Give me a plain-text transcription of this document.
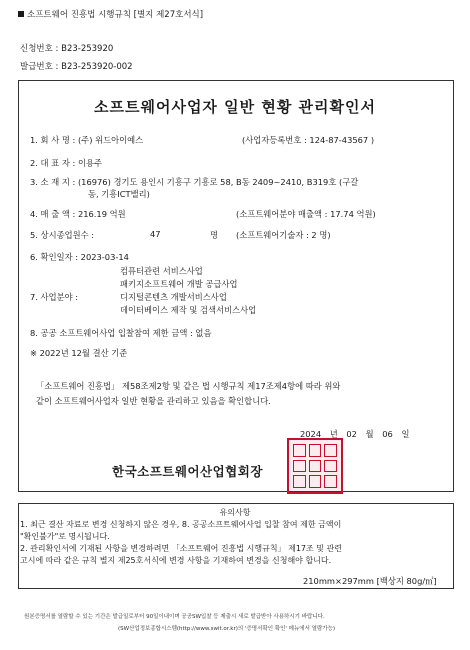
소프트웨어 진흥법 시행규칙 [별지 제27호서식]
신청번호 : B23-253920
발급번호 : B23-253920-002
소프트웨어사업자 일반 현황 관리확인서
1. 회 사 명 : (주) 위드아이예스	(사업자등록번호 : 124-87-43567 )
2. 대 표 자 : 이용주
3. 소 재 지 : (16976) 경기도 용인시 기흥구 기흥로 58, B동 2409~2410, B319호 (구갈
동, 기흥ICT밸리)
4. 매 출 액 : 216.19 억원	(소프트웨어분야 매출액 : 17.74 억원)
5. 상시종업원수 :	47	명 (소프트웨어기술자 : 2 명)
6. 확인일자 : 2023-03-14
컴퓨터관련 서비스사업
패키지소프트웨어 개발 공급사업
7. 사업분야 :	디지털콘텐츠 개발서비스사업
데이터베이스 제작 및 검색서비스사업
8. 공공 소프트웨어사업 입찰참여 제한 금액 : 없음
※ 2022년 12월 결산 기준
「소프트웨어 진흥법」 제58조제2항 및 같은 법 시행규칙 제17조제4항에 따라 위와
같이 소프트웨어사업자 일반 현황을 관리하고 있음을 확인합니다.
2024 년 02 월 06 일
한국소프트웨어산업협회장
유의사항
1. 최근 결산 자료로 변경 신청하지 않은 경우, 8. 공공소프트웨어사업 입찰 참여 제한 금액이
"확인불가"로 명시됩니다.
2. 관리확인서에 기재된 사항을 변경하려면 「소프트웨어 진흥법 시행규칙」 제17조 및 관련
고시에 따라 같은 규칙 별지 제25호서식에 변경 사항을 기재하여 변경을 신청해야 합니다.
210mm×297mm [백상지 80g/㎡]
원본증명서를 열람할 수 있는 기간은 발급일로부터 90일이내이며 공공SW입찰 등 제출시 새로 발급받아 사용하시기 바랍니다.
(SW산업정보종합시스템(http://www.swit.or.kr)의 '증명서확인 확인' 메뉴에서 열람가능)
